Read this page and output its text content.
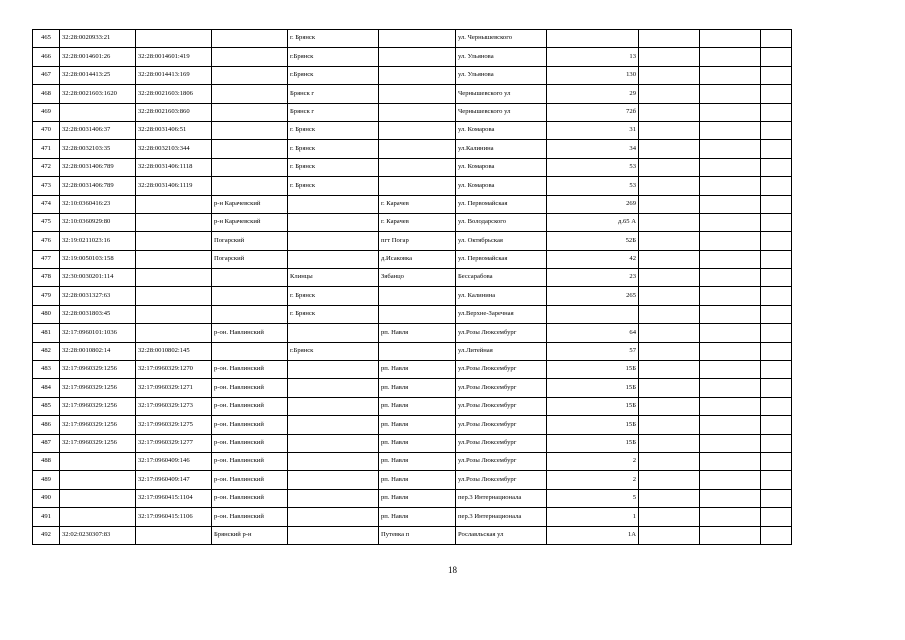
465	32:28:0020933:21			г. Брянск		ул. Чернышевского				
466	32:28:0014601:26	32:28:0014601:419		г.Брянск		ул. Ульянова	13			
467	32:28:0014413:25	32:28:0014413:169		г.Брянск		ул. Ульянова	130			
468	32:28:0021603:1620	32:28:0021603:1806		Брянск г		Чернышевского ул	29			
469		32:28:0021603:860		Брянск г		Чернышевского ул	72б			
470	32:28:0031406:37	32:28:0031406:51		г. Брянск		ул. Комарова	31			
471	32:28:0032103:35	32:28:0032103:344		г. Брянск		ул.Калинина	34			
472	32:28:0031406:789	32:28:0031406:1118		г. Брянск		ул. Комарова	53			
473	32:28:0031406:789	32:28:0031406:1119		г. Брянск		ул. Комарова	53			
474	32:10:0360416:23		р-н Карачевский		г. Карачев	ул. Первомайская	269			
475	32:10:0360929:80		р-н Карачевский		г. Карачев	ул. Володарского	д.65 А			
476	32:19:0211023:16		Погарский		пгт Погар	ул. Октябрьская	52Б			
477	32:19:0050103:158		Погарский		д.Исаковка	ул. Первомайская	42			
478	32:30:0030201:114			Клинцы	Зябанцо	Бессарабова	23			
479	32:28:0031327:63			г. Брянск		ул. Калинина	265			
480	32:28:0031803:45			г. Брянск		ул.Верхне-Заречная				
481	32:17:0960101:1036		р-он. Навлинский		рп. Навля	ул.Розы Люксембург	64			
482	32:28:0010802:14	32:28:0010802:145		г.Брянск		ул.Литейная	57			
483	32:17:0960329:1256	32:17:0960329:1270	р-он. Навлинский		рп. Навля	ул.Розы Люксембург	15Б			
484	32:17:0960329:1256	32:17:0960329:1271	р-он. Навлинский		рп. Навля	ул.Розы Люксембург	15Б			
485	32:17:0960329:1256	32:17:0960329:1273	р-он. Навлинский		рп. Навля	ул.Розы Люксембург	15Б			
486	32:17:0960329:1256	32:17:0960329:1275	р-он. Навлинский		рп. Навля	ул.Розы Люксембург	15Б			
487	32:17:0960329:1256	32:17:0960329:1277	р-он. Навлинский		рп. Навля	ул.Розы Люксембург	15Б			
488		32:17:0960409:146	р-он. Навлинский		рп. Навля	ул.Розы Люксембург	2			
489		32:17:0960409:147	р-он. Навлинский		рп. Навля	ул.Розы Люксембург	2			
490		32:17:0960415:1104	р-он. Навлинский		рп. Навля	пер.3 Интернационала	5			
491		32:17:0960415:1106	р-он. Навлинский		рп. Навля	пер.3 Интернационала	1			
492	32:02:0230307:83		Брянский р-н		Путевка п	Рославльская ул	1А			
18
